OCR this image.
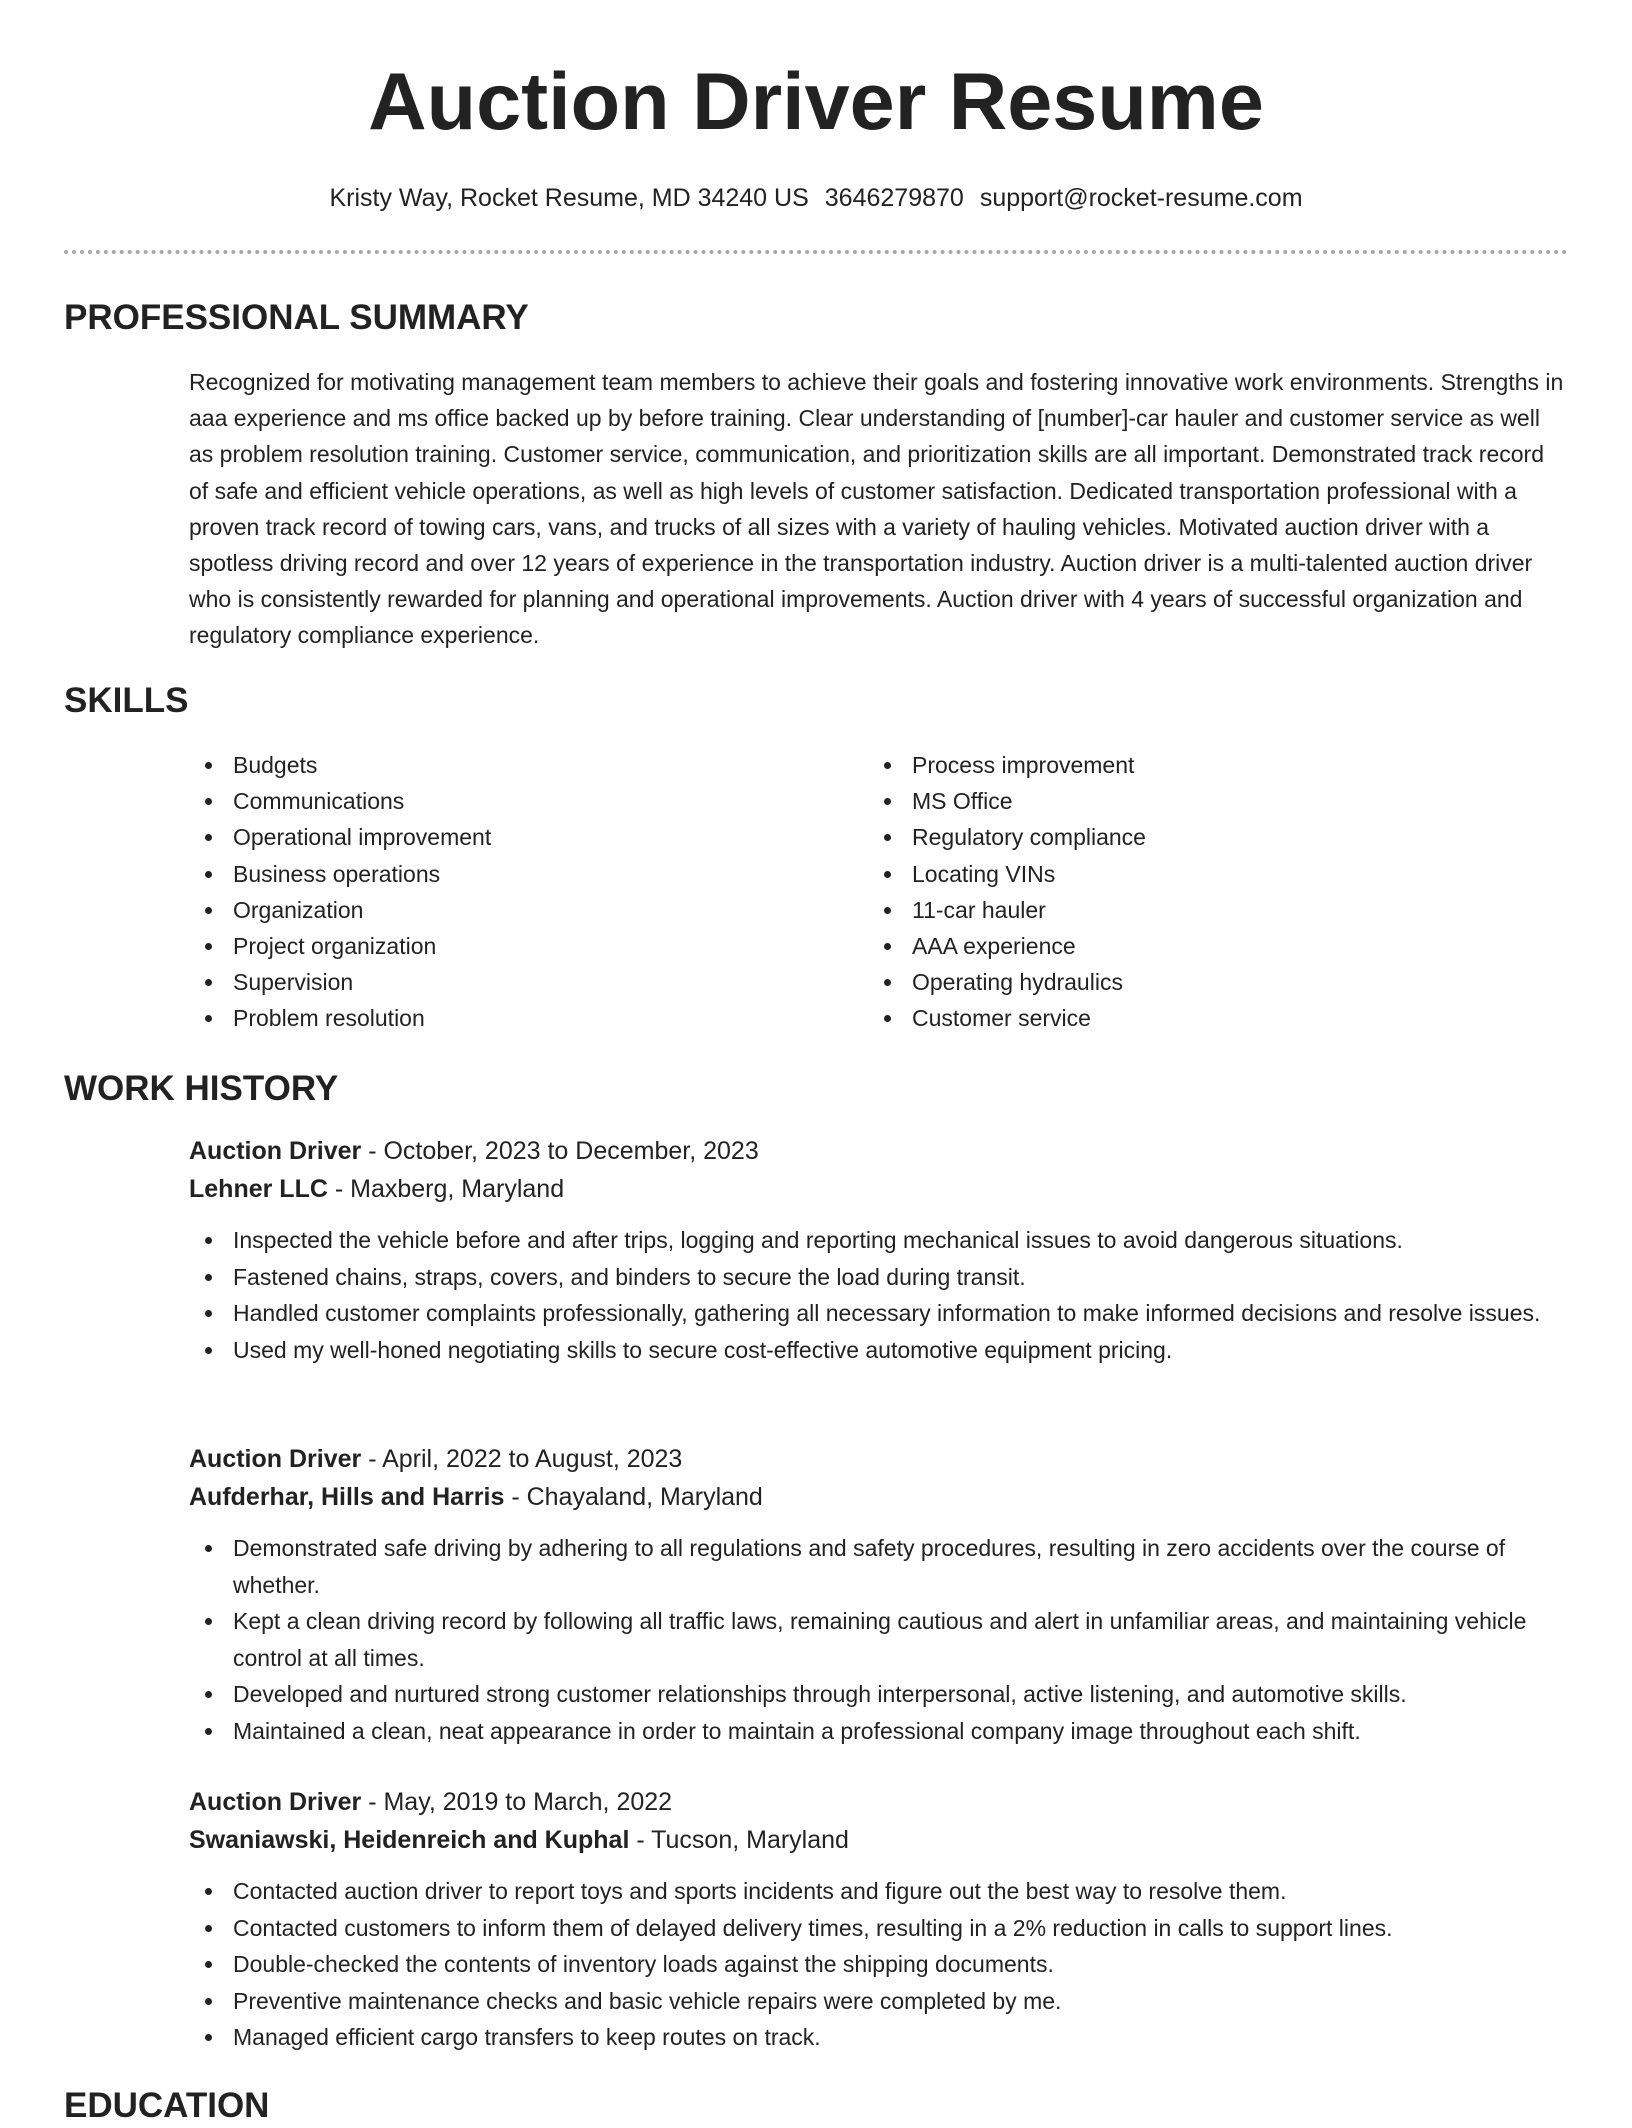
Auction Driver Resume
Kristy Way, Rocket Resume, MD 34240 US 3646279870 support@rocket-resume.com
PROFESSIONAL SUMMARY

Recognized for motivating management team members to achieve their goals and fostering innovative work environments. Strengths in aaa experience and ms office backed up by before training. Clear understanding of [number]-car hauler and customer service as well as problem resolution training. Customer service, communication, and prioritization skills are all important. Demonstrated track record of safe and efficient vehicle operations, as well as high levels of customer satisfaction. Dedicated transportation professional with a proven track record of towing cars, vans, and trucks of all sizes with a variety of hauling vehicles. Motivated auction driver with a spotless driving record and over 12 years of experience in the transportation industry. Auction driver is a multi-talented auction driver who is consistently rewarded for planning and operational improvements. Auction driver with 4 years of successful organization and regulatory compliance experience.

SKILLS
Budgets
Communications
Operational improvement
Business operations
Organization
Project organization
Supervision
Problem resolution
Process improvement
MS Office
Regulatory compliance
Locating VINs
11-car hauler
AAA experience
Operating hydraulics
Customer service
WORK HISTORY

Auction Driver - October, 2023 to December, 2023

Lehner LLC - Maxberg, Maryland

Inspected the vehicle before and after trips, logging and reporting mechanical issues to avoid dangerous situations.
Fastened chains, straps, covers, and binders to secure the load during transit.
Handled customer complaints professionally, gathering all necessary information to make informed decisions and resolve issues.
Used my well-honed negotiating skills to secure cost-effective automotive equipment pricing.

Auction Driver - April, 2022 to August, 2023

Aufderhar, Hills and Harris - Chayaland, Maryland

Demonstrated safe driving by adhering to all regulations and safety procedures, resulting in zero accidents over the course of whether.
Kept a clean driving record by following all traffic laws, remaining cautious and alert in unfamiliar areas, and maintaining vehicle control at all times.
Developed and nurtured strong customer relationships through interpersonal, active listening, and automotive skills.
Maintained a clean, neat appearance in order to maintain a professional company image throughout each shift.

Auction Driver - May, 2019 to March, 2022

Swaniawski, Heidenreich and Kuphal - Tucson, Maryland

Contacted auction driver to report toys and sports incidents and figure out the best way to resolve them.
Contacted customers to inform them of delayed delivery times, resulting in a 2% reduction in calls to support lines.
Double-checked the contents of inventory loads against the shipping documents.
Preventive maintenance checks and basic vehicle repairs were completed by me.
Managed efficient cargo transfers to keep routes on track.
EDUCATION
